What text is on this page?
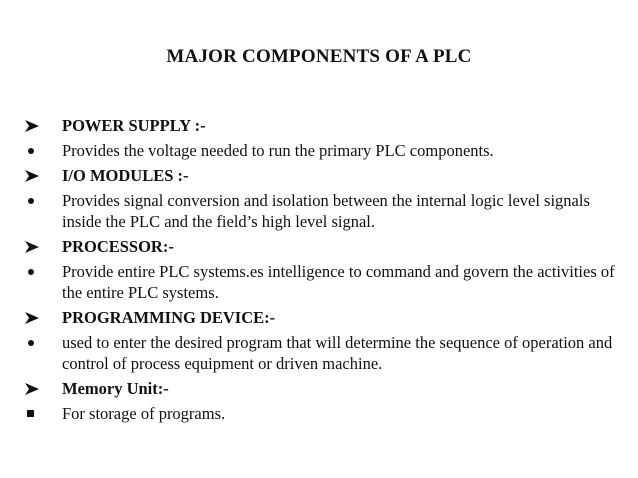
MAJOR COMPONENTS OF A PLC
POWER SUPPLY :-
Provides the voltage needed to run the primary PLC components.
I/O MODULES :-
Provides signal conversion and isolation between the internal logic level signals inside the PLC and the field’s high level signal.
PROCESSOR:-
Provide entire PLC systems.es intelligence to command and govern the activities of the entire PLC systems.
PROGRAMMING DEVICE:-
used to enter the desired program that will determine the sequence of operation and control of process equipment or driven machine.
Memory Unit:-
For storage of programs.
